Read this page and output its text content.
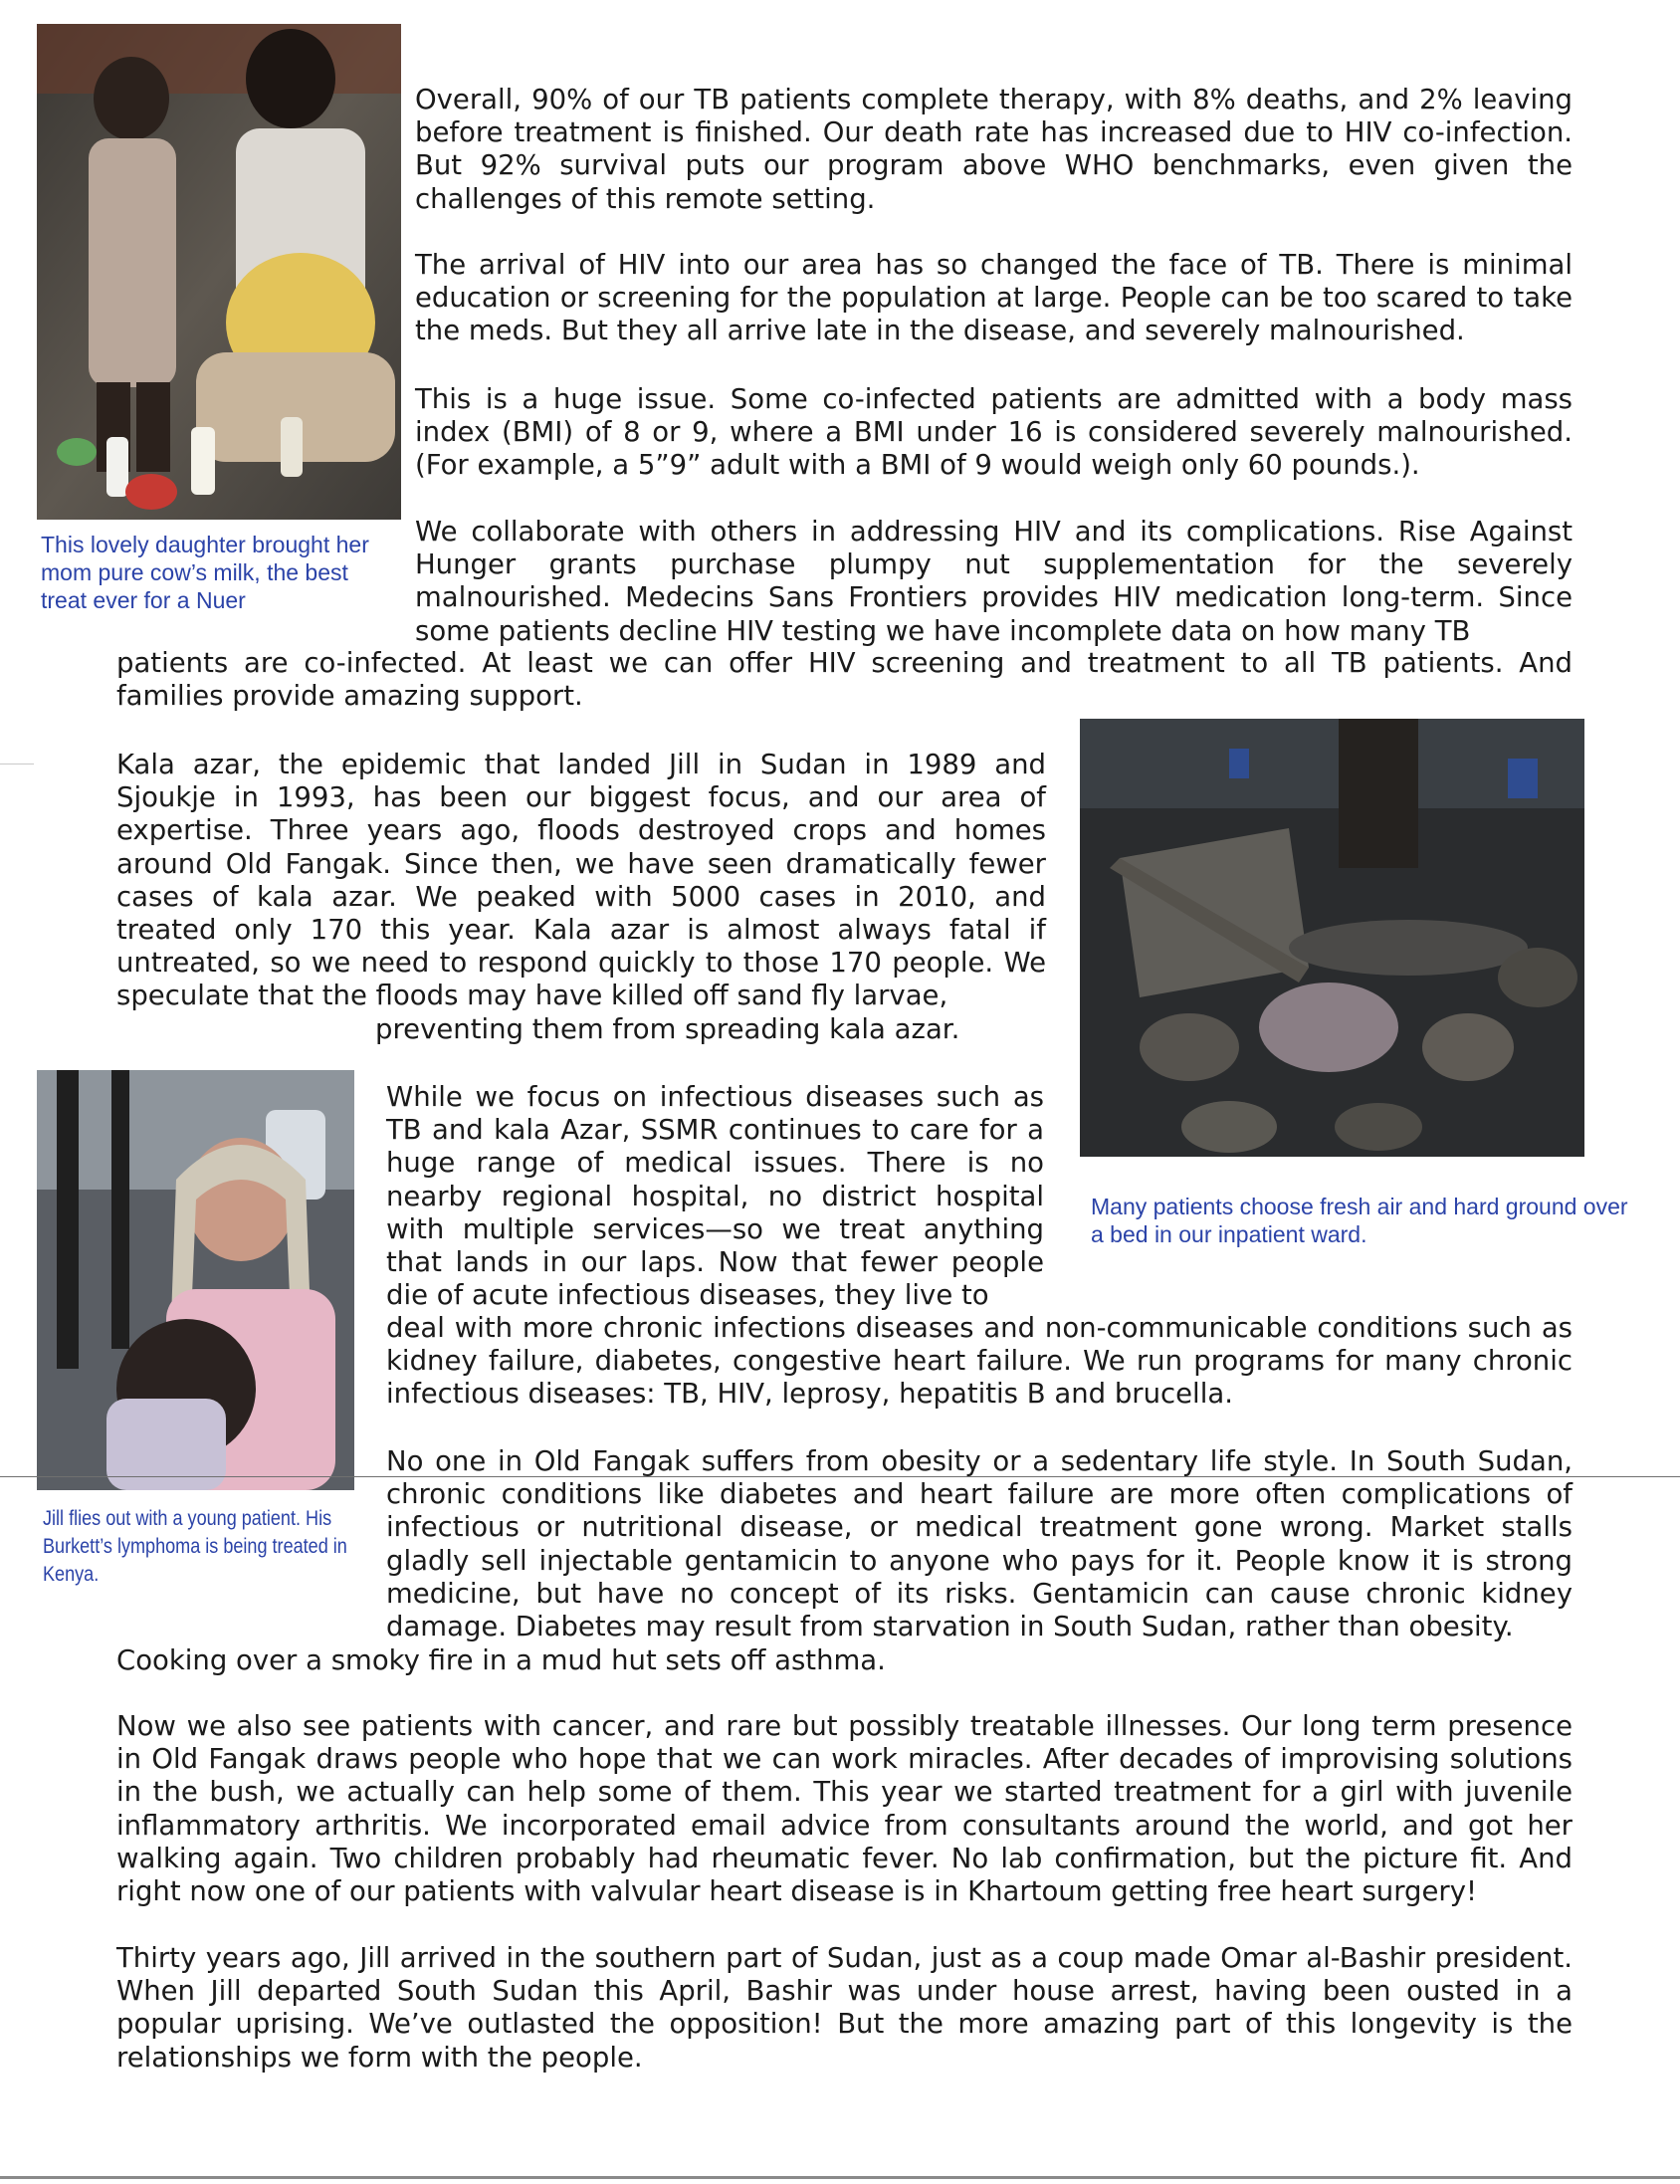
This lovely daughter brought her mom pure cow’s milk, the best treat ever for a Nuer

Overall, 90% of our TB patients complete therapy, with 8% deaths, and 2% leaving before treatment is finished. Our death rate has increased due to HIV co-infection. But 92% survival puts our program above WHO benchmarks, even given the challenges of this remote setting.

The arrival of HIV into our area has so changed the face of TB. There is minimal education or screening for the population at large. People can be too scared to take the meds. But they all arrive late in the disease, and severely malnourished.

This is a huge issue. Some co-infected patients are admitted with a body mass index (BMI) of 8 or 9, where a BMI under 16 is considered severely malnourished. (For example, a 5”9” adult with a BMI of 9 would weigh only 60 pounds.).

We collaborate with others in addressing HIV and its complications. Rise Against Hunger grants purchase plumpy nut supplementation for the severely malnourished. Medecins Sans Frontiers provides HIV medication long-term. Since some patients decline HIV testing we have incomplete data on how many TB

patients are co-infected. At least we can offer HIV screening and treatment to all TB patients. And families provide amazing support.

Many patients choose fresh air and hard ground over a bed in our inpatient ward.

Kala azar, the epidemic that landed Jill in Sudan in 1989 and Sjoukje in 1993, has been our biggest focus, and our area of expertise. Three years ago, floods destroyed crops and homes around Old Fangak. Since then, we have seen dramatically fewer cases of kala azar. We peaked with 5000 cases in 2010, and treated only 170 this year. Kala azar is almost always fatal if untreated, so we need to respond quickly to those 170 people. We speculate that the floods may have killed off sand fly larvae,

preventing them from spreading kala azar.

Jill flies out with a young patient. His Burkett’s lymphoma is being treated in Kenya.

While we focus on infectious diseases such as TB and kala Azar, SSMR continues to care for a huge range of medical issues. There is no nearby regional hospital, no district hospital with multiple services—so we treat anything that lands in our laps. Now that fewer people die of acute infectious diseases, they live to

deal with more chronic infections diseases and non-communicable conditions such as kidney failure, diabetes, congestive heart failure. We run programs for many chronic infectious diseases: TB, HIV, leprosy, hepatitis B and brucella.

No one in Old Fangak suffers from obesity or a sedentary life style. In South Sudan, chronic conditions like diabetes and heart failure are more often complications of infectious or nutritional disease, or medical treatment gone wrong. Market stalls gladly sell injectable gentamicin to anyone who pays for it. People know it is strong medicine, but have no concept of its risks. Gentamicin can cause chronic kidney damage. Diabetes may result from starvation in South Sudan, rather than obesity.

Cooking over a smoky fire in a mud hut sets off asthma.

Now we also see patients with cancer, and rare but possibly treatable illnesses. Our long term presence in Old Fangak draws people who hope that we can work miracles. After decades of improvising solutions in the bush, we actually can help some of them. This year we started treatment for a girl with juvenile inflammatory arthritis. We incorporated email advice from consultants around the world, and got her walking again. Two children probably had rheumatic fever. No lab confirmation, but the picture fit. And right now one of our patients with valvular heart disease is in Khartoum getting free heart surgery!

Thirty years ago, Jill arrived in the southern part of Sudan, just as a coup made Omar al-Bashir president. When Jill departed South Sudan this April, Bashir was under house arrest, having been ousted in a popular uprising. We’ve outlasted the opposition! But the more amazing part of this longevity is the relationships we form with the people.
